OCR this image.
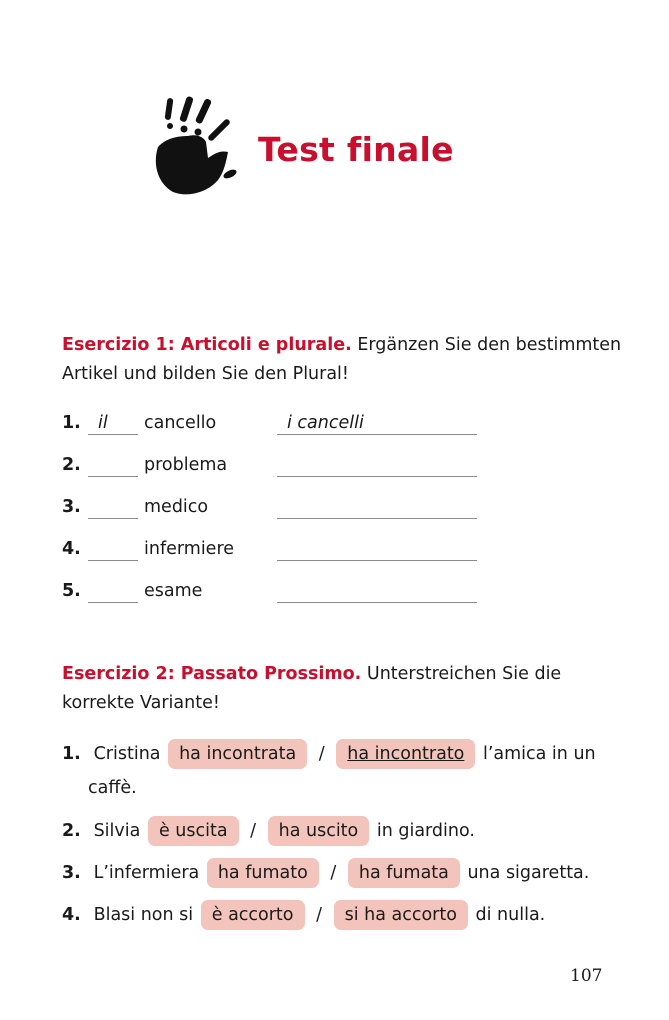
Test finale
Esercizio 1: Articoli e plurale. Ergänzen Sie den bestimmten Artikel und bilden Sie den Plural!
1. il	cancello	i cancelli
2.	problema
3.	medico
4.	infermiere
5.	esame
Esercizio 2: Passato Prossimo. Unterstreichen Sie die korrekte Variante!
1. Cristina ha incontrata / ha incontrato l’amica in un
caffè.
2. Silvia è uscita / ha uscito in giardino.
3. L’infermiera ha fumato / ha fumata una sigaretta.
4. Blasi non si è accorto / si ha accorto di nulla.
107
